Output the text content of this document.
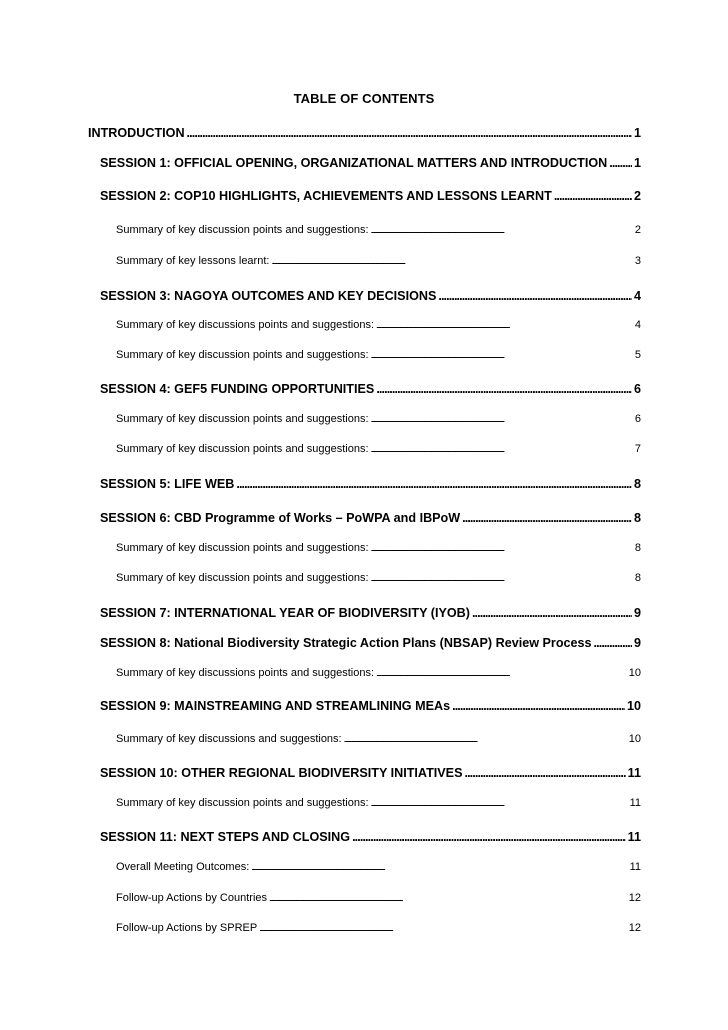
TABLE OF CONTENTS
INTRODUCTION . . .	1
SESSION 1: OFFICIAL OPENING, ORGANIZATIONAL MATTERS AND INTRODUCTION . . . 1
SESSION 2: COP10 HIGHLIGHTS, ACHIEVEMENTS AND LESSONS LEARNT . . .	2
Summary of key discussion points and suggestions: . . .	2
Summary of key lessons learnt: . . .	3
SESSION 3: NAGOYA OUTCOMES AND KEY DECISIONS . . .	4
Summary of key discussions points and suggestions: . . .	4
Summary of key discussion points and suggestions: . . .	5
SESSION 4: GEF5 FUNDING OPPORTUNITIES . . .	6
Summary of key discussion points and suggestions: . . .	6
Summary of key discussion points and suggestions: . . .	7
SESSION 5: LIFE WEB . . .	8
SESSION 6: CBD Programme of Works – PoWPA and IBPoW . . .	8
Summary of key discussion points and suggestions: . . .	8
Summary of key discussion points and suggestions: . . .	8
SESSION 7: INTERNATIONAL YEAR OF BIODIVERSITY (IYOB) . . .	9
SESSION 8: National Biodiversity Strategic Action Plans (NBSAP) Review Process . . .	9
Summary of key discussions points and suggestions: . . .	10
SESSION 9: MAINSTREAMING AND STREAMLINING MEAs . . .	10
Summary of key discussions and suggestions: . . .	10
SESSION 10: OTHER REGIONAL BIODIVERSITY INITIATIVES . . .	11
Summary of key discussion points and suggestions: . . .	11
SESSION 11: NEXT STEPS AND CLOSING . . .	11
Overall Meeting Outcomes: . . .	11
Follow-up Actions by Countries . . .	12
Follow-up Actions by SPREP . . .	12
